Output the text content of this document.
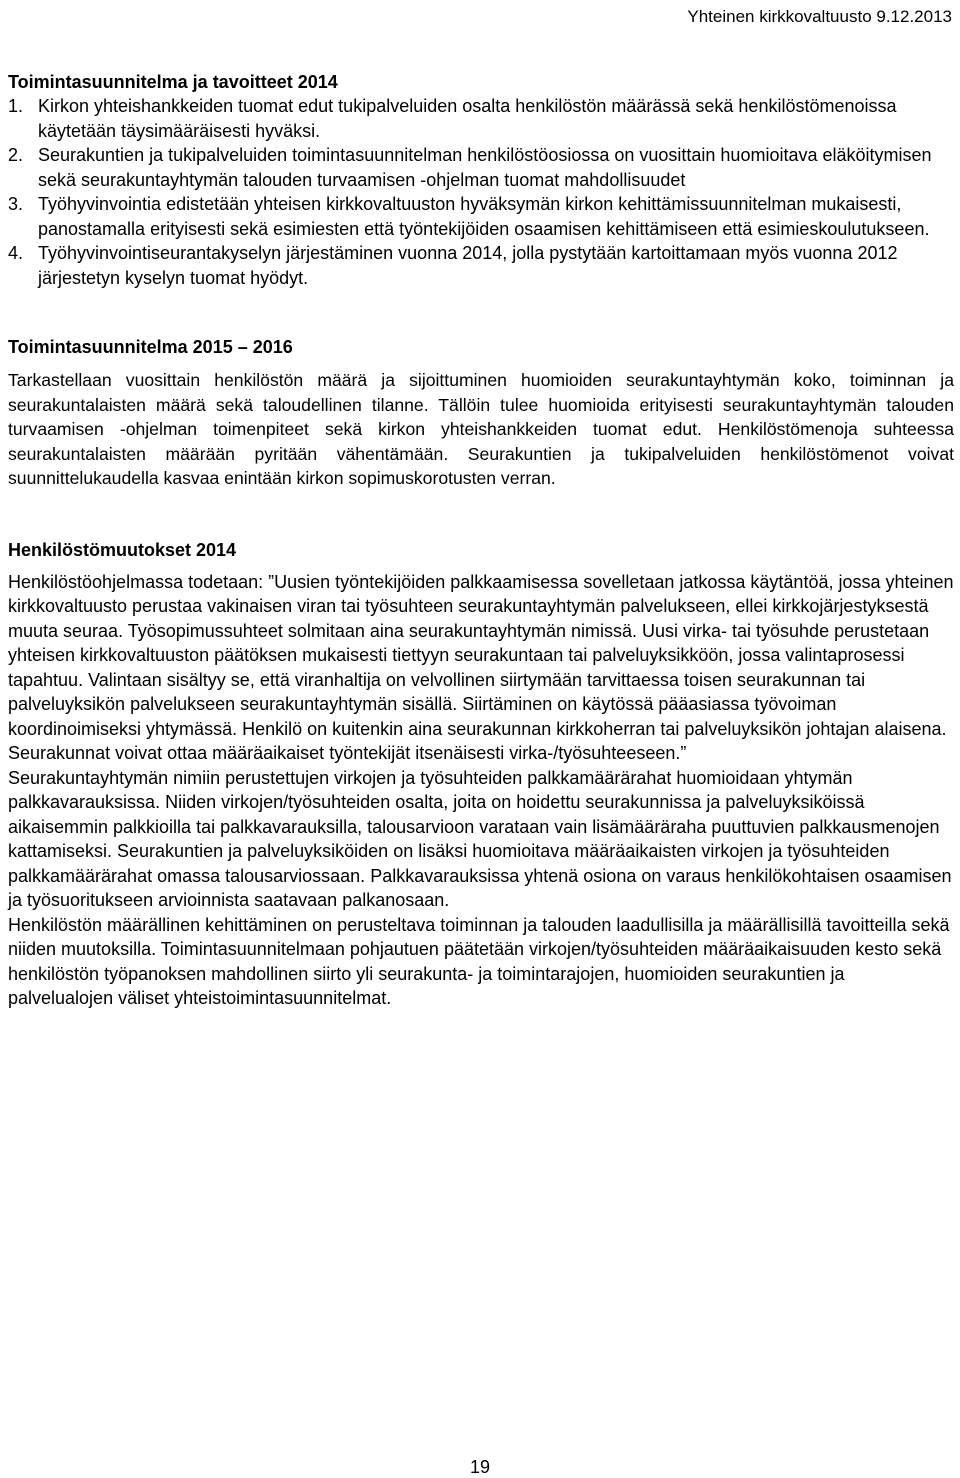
Yhteinen kirkkovaltuusto 9.12.2013
Toimintasuunnitelma ja tavoitteet 2014
1. Kirkon yhteishankkeiden tuomat edut tukipalveluiden osalta henkilöstön määrässä sekä henkilöstömenoissa käytetään täysimääräisesti hyväksi.
2. Seurakuntien ja tukipalveluiden toimintasuunnitelman henkilöstöosiossa on vuosittain huomioitava eläköitymisen sekä seurakuntayhtymän talouden turvaamisen -ohjelman tuomat mahdollisuudet
3. Työhyvinvointia edistetään yhteisen kirkkovaltuuston hyväksymän kirkon kehittämissuunnitelman mukaisesti, panostamalla erityisesti sekä esimiesten että työntekijöiden osaamisen kehittämiseen että esimieskoulutukseen.
4. Työhyvinvointiseurantakyselyn järjestäminen vuonna 2014, jolla pystytään kartoittamaan myös vuonna 2012 järjestetyn kyselyn tuomat hyödyt.
Toimintasuunnitelma 2015 – 2016

Tarkastellaan vuosittain henkilöstön määrä ja sijoittuminen huomioiden seurakuntayhtymän koko, toiminnan ja seurakuntalaisten määrä sekä taloudellinen tilanne. Tällöin tulee huomioida erityisesti seurakuntayhtymän talouden turvaamisen -ohjelman toimenpiteet sekä kirkon yhteishankkeiden tuomat edut. Henkilöstömenoja suhteessa seurakuntalaisten määrään pyritään vähentämään. Seurakuntien ja tukipalveluiden henkilöstömenot voivat suunnittelukaudella kasvaa enintään kirkon sopimuskorotusten verran.

Henkilöstömuutokset 2014

Henkilöstöohjelmassa todetaan: ”Uusien työntekijöiden palkkaamisessa sovelletaan jatkossa käytäntöä, jossa yhteinen kirkkovaltuusto perustaa vakinaisen viran tai työsuhteen seurakuntayhtymän palvelukseen, ellei kirkkojärjestyksestä muuta seuraa. Työsopimussuhteet solmitaan aina seurakuntayhtymän nimissä. Uusi virka- tai työsuhde perustetaan yhteisen kirkkovaltuuston päätöksen mukaisesti tiettyyn seurakuntaan tai palveluyksikköön, jossa valintaprosessi tapahtuu. Valintaan sisältyy se, että viranhaltija on velvollinen siirtymään tarvittaessa toisen seurakunnan tai palveluyksikön palvelukseen seurakuntayhtymän sisällä. Siirtäminen on käytössä pääasiassa työvoiman koordinoimiseksi yhtymässä. Henkilö on kuitenkin aina seurakunnan kirkkoherran tai palveluyksikön johtajan alaisena. Seurakunnat voivat ottaa määräaikaiset työntekijät itsenäisesti virka-/työsuhteeseen.”

Seurakuntayhtymän nimiin perustettujen virkojen ja työsuhteiden palkkamäärärahat huomioidaan yhtymän palkkavarauksissa. Niiden virkojen/työsuhteiden osalta, joita on hoidettu seurakunnissa ja palveluyksiköissä aikaisemmin palkkioilla tai palkkavarauksilla, talousarvioon varataan vain lisämääräraha puuttuvien palkkausmenojen kattamiseksi. Seurakuntien ja palveluyksiköiden on lisäksi huomioitava määräaikaisten virkojen ja työsuhteiden palkkamäärärahat omassa talousarviossaan. Palkkavarauksissa yhtenä osiona on varaus henkilökohtaisen osaamisen ja työsuoritukseen arvioinnista saatavaan palkanosaan.

Henkilöstön määrällinen kehittäminen on perusteltava toiminnan ja talouden laadullisilla ja määrällisillä tavoitteilla sekä niiden muutoksilla. Toimintasuunnitelmaan pohjautuen päätetään virkojen/työsuhteiden määräaikaisuuden kesto sekä henkilöstön työpanoksen mahdollinen siirto yli seurakunta- ja toimintarajojen, huomioiden seurakuntien ja palvelualojen väliset yhteistoimintasuunnitelmat.

19
